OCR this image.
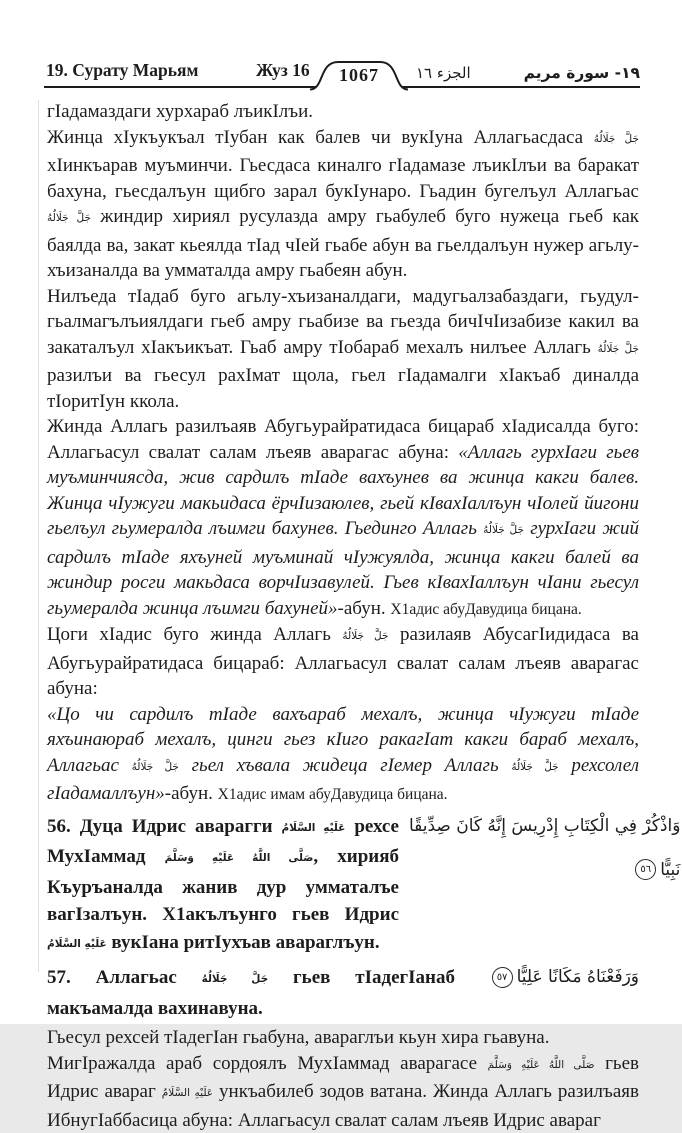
19. Сурату Марьям	Жуз 16	1067	الجزء ١٦	١٩- سورة مريم
гIадамаздаги хурхараб лъикIлъи.
Жинца хIукъукъал тIубан как балев чи вукIуна Аллагьасдаса جَلَّ جَلَالُهُ хIинкъарав муъминчи. Гьесдаса киналго гIадамазе лъикIлъи ва баракат бахуна, гьесдалъун щибго зарал букIунаро. Гьадин бугелъул Аллагьас جَلَّ جَلَالُهُ жиндир хириял русулазда амру гьабулеб буго нужеца гьеб как баялда ва, закат кьеялда тIад чIей гьабе абун ва гьелдалъун нужер агьлу-хъизаналда ва умматалда амру гьабеян абун.
Нилъеда тIадаб буго агьлу-хъизаналдаги, мадугьалзабаздаги, гьудул-гьалмагълъиялдаги гьеб амру гьабизе ва гьезда бичIчIизабизе какил ва закаталъул хIакъикъат. Гьаб амру тIобараб мехалъ нилъее Аллагь جَلَّ جَلَالُهُ разилъи ва гьесул рахIмат щола, гьел гIадамалги хIакъаб диналда тIоритIун ккола.
Жинда Аллагь разилъаяв Абугьурайратидаса бицараб хIадисалда буго: Аллагьасул свалат салам лъеяв аварагас абуна: «Аллагь гурхIаги гьев муъминчиясда, жив сардилъ тIаде вахъунев ва жинца какги балев. Жинца чIужуги макьидаса ёрчIизаюлев, гьей кIвахIаллъун чIолей йигони гьелъул гьумералда лъимги бахунев. Гьединго Аллагь جَلَّ جَلَالُهُ гурхIаги жий сардилъ тIаде яхъуней муъминай чIужуялда, жинца какги балей ва жиндир росги макьдаса ворчIизавулей. Гьев кIвахIаллъун чIани гьесул гьумералда жинца лъимги бахуней»-абун. Х1адис абуДавудица бицана.
Цоги хIадис буго жинда Аллагь جَلَّ جَلَالُهُ разилаяв АбусагIидидаса ва Абугьурайратидаса бицараб: Аллагьасул свалат салам лъеяв аварагас абуна:
«Цо чи сардилъ тIаде вахъараб мехалъ, жинца чIужуги тIаде яхъинаюраб мехалъ, цинги гьез кIиго ракагIат какги бараб мехалъ, Аллагьас جَلَّ جَلَالُهُ гьел хъвала жидеца гIемер Аллагь جَلَّ جَلَالُهُ рехсолел гIадамаллъун»-абун. Х1адис имам абуДавудица бицана.
56. Дуца Идрис аварагги عَلَيْهِ السَّلَامُ рехсе МухIаммад صَلَّى اللَّهُ عَلَيْهِ وَسَلَّمَ, хирияб Къуръаналда жанив дур умматалъе вагIзалъун. Х1акълъунго гьев Идрис عَلَيْهِ السَّلَامُ вукIана ритIухъав авараглъун.
وَاذْكُرْ فِي الْكِتَابِ إِدْرِيسَ إِنَّهُ كَانَ صِدِّيقًا
نَبِيًّا٥٦
57. Аллагьас جَلَّ جَلَالُهُ гьев тIадегIанаб макъамалда вахинавуна.
وَرَفَعْنَاهُ مَكَانًا عَلِيًّا٥٧
Гьесул рехсей тIадегIан гьабуна, авараглъи кьун хира гьавуна.
МигIражалда араб сордоялъ МухIаммад аварагасе صَلَّى اللَّهُ عَلَيْهِ وَسَلَّمَ гьев Идрис авараг عَلَيْهِ السَّلَامُ ункъабилеб зодов ватана. Жинда Аллагь разилъаяв ИбнугIаббасица абуна: Аллагьасул свалат салам лъеяв Идрис авараг
